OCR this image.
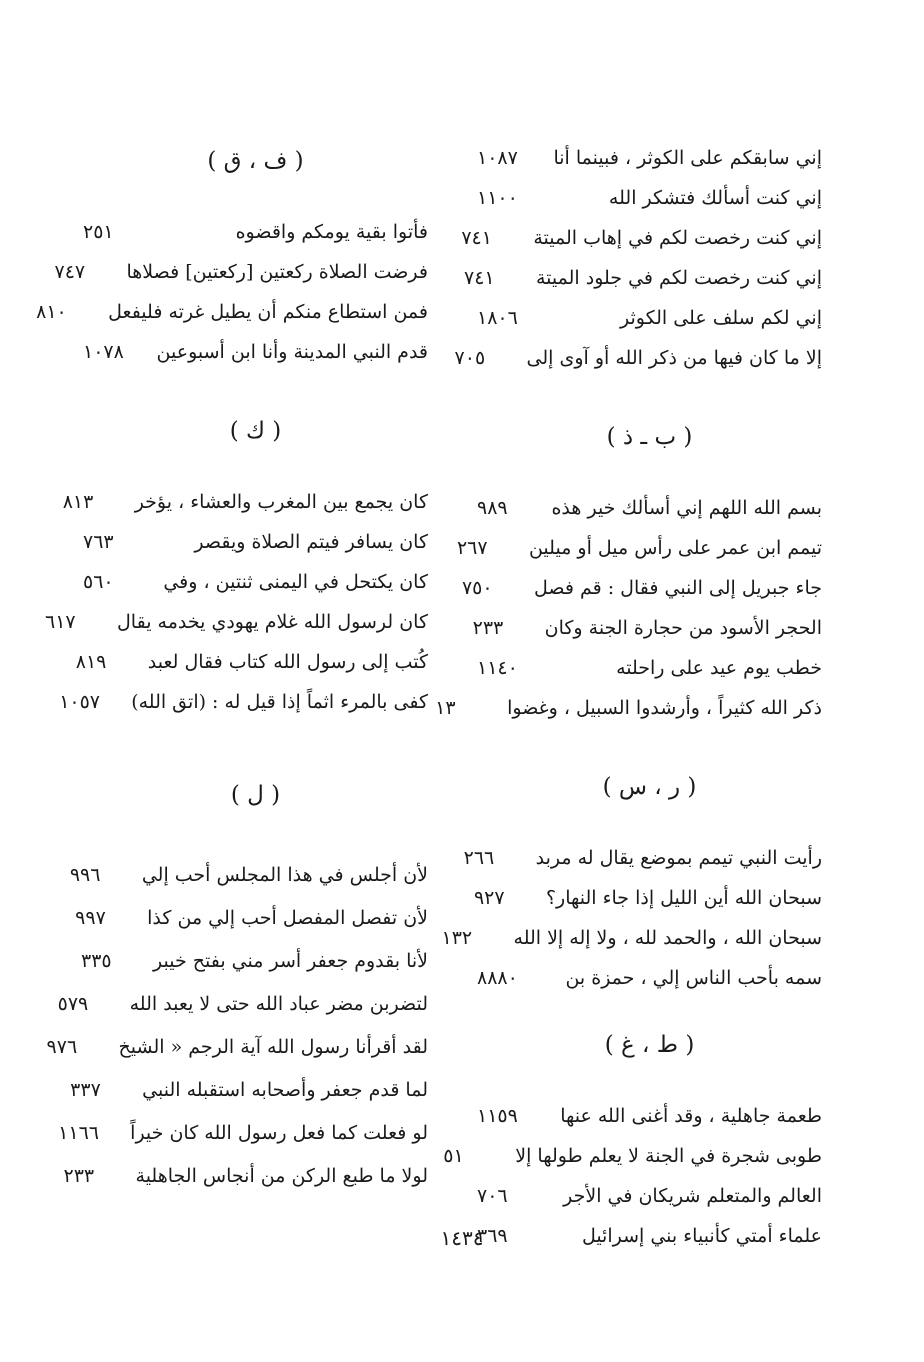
إني سابقكم على الكوثر ، فبينما أنا
١٠٨٧
إني كنت أسألك فتشكر الله
١١٠٠
إني كنت رخصت لكم في إهاب الميتة
٧٤١
إني كنت رخصت لكم في جلود الميتة
٧٤١
إني لكم سلف على الكوثر
١٨٠٦
إلا ما كان فيها من ذكر الله أو آوى إلى
٧٠٥
( ب ـ ذ )
بسم الله اللهم إني أسألك خير هذه
٩٨٩
تيمم ابن عمر على رأس ميل أو ميلين
٢٦٧
جاء جبريل إلى النبي فقال : قم فصل
٧٥٠
الحجر الأسود من حجارة الجنة وكان
٢٣٣
خطب يوم عيد على راحلته
١١٤٠
ذكر الله كثيراً ، وأرشدوا السبيل ، وغضوا
١٣
( ر ، س )
رأيت النبي تيمم بموضع يقال له مربد
٢٦٦
سبحان الله أين الليل إذا جاء النهار؟
٩٢٧
سبحان الله ، والحمد لله ، ولا إله إلا الله
١٣٢
سمه بأحب الناس إلي ، حمزة بن
٨٨٨٠
( ط ، غ )
طعمة جاهلية ، وقد أغنى الله عنها
١١٥٩
طوبى شجرة في الجنة لا يعلم طولها إلا
٥١
العالم والمتعلم شريكان في الأجر
٧٠٦
علماء أمتي كأنبياء بني إسرائيل
٣٦٩
( ف ، ق )
فأتوا بقية يومكم واقضوه
٢٥١
فرضت الصلاة ركعتين [ركعتين] فصلاها
٧٤٧
فمن استطاع منكم أن يطيل غرته فليفعل
٨١٠
قدم النبي المدينة وأنا ابن أسبوعين
١٠٧٨
( ك )
كان يجمع بين المغرب والعشاء ، يؤخر
٨١٣
كان يسافر فيتم الصلاة ويقصر
٧٦٣
كان يكتحل في اليمنى ثنتين ، وفي
٥٦٠
كان لرسول الله غلام يهودي يخدمه يقال
٦١٧
كُتب إلى رسول الله كتاب فقال لعبد
٨١٩
كفى بالمرء اثماً إذا قيل له : (اتق الله)
١٠٥٧
( ل )
لأن أجلس في هذا المجلس أحب إلي
٩٩٦
لأن تفصل المفصل أحب إلي من كذا
٩٩٧
لأنا بقدوم جعفر أسر مني بفتح خيبر
٣٣٥
لتضربن مضر عباد الله حتى لا يعبد الله
٥٧٩
لقد أقرأنا رسول الله آية الرجم « الشيخ
٩٧٦
لما قدم جعفر وأصحابه استقبله النبي
٣٣٧
لو فعلت كما فعل رسول الله كان خيراً
١١٦٦
لولا ما طبع الركن من أنجاس الجاهلية
٢٣٣
١٤٣٤
